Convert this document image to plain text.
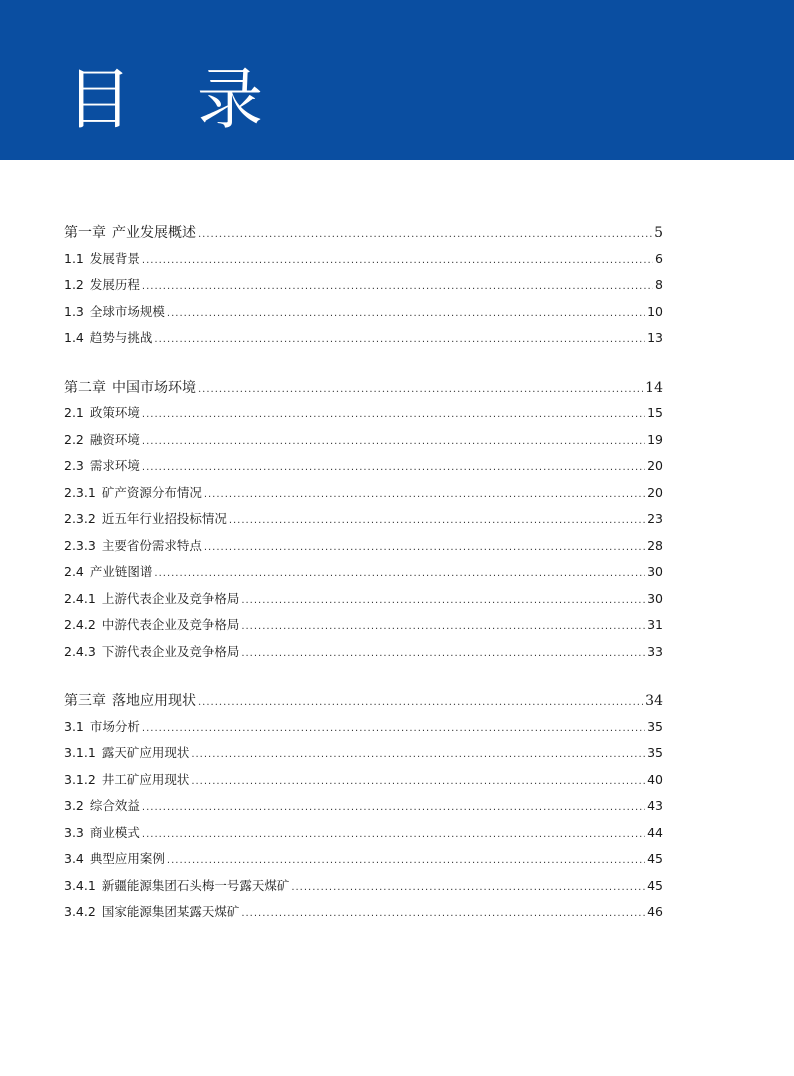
目 录
第一章 产业发展概述 .....	5
1.1 发展背景 .....	6
1.2 发展历程 .....	8
1.3 全球市场规模 .....	10
1.4 趋势与挑战 .....	13
第二章 中国市场环境 .....	14
2.1 政策环境 .....	15
2.2 融资环境 .....	19
2.3 需求环境 .....	20
2.3.1 矿产资源分布情况 .....	20
2.3.2 近五年行业招投标情况 .....	23
2.3.3 主要省份需求特点 .....	28
2.4 产业链图谱 .....	30
2.4.1 上游代表企业及竞争格局 .....	30
2.4.2 中游代表企业及竞争格局 .....	31
2.4.3 下游代表企业及竞争格局 .....	33
第三章 落地应用现状 .....	34
3.1 市场分析 .....	35
3.1.1 露天矿应用现状 .....	35
3.1.2 井工矿应用现状 .....	40
3.2 综合效益 .....	43
3.3 商业模式 .....	44
3.4 典型应用案例 .....	45
3.4.1 新疆能源集团石头梅一号露天煤矿 .....	45
3.4.2 国家能源集团某露天煤矿 .....	46
